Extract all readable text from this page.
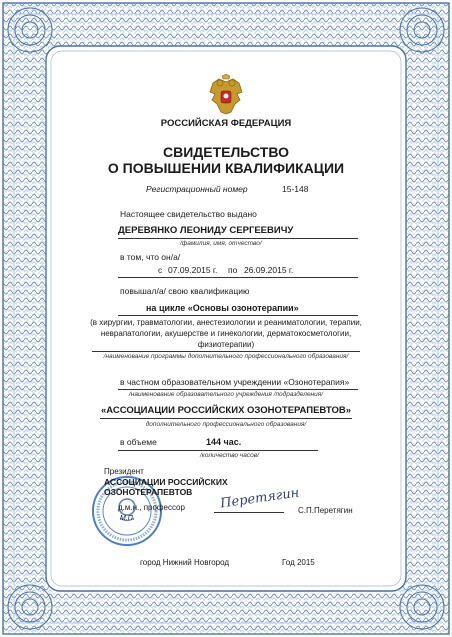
РОССИЙСКАЯ ФЕДЕРАЦИЯ
СВИДЕТЕЛЬСТВО
О ПОВЫШЕНИИ КВАЛИФИКАЦИИ
Регистрационный номер	15-148
Настоящее свидетельство выдано
ДЕРЕВЯНКО ЛЕОНИДУ СЕРГЕЕВИЧУ
/фамилия, имя, отчество/
в том, что он/а/
с 07.09.2015 г. по 26.09.2015 г.
повышал/а/ свою квалификацию
на цикле «Основы озонотерапии»
(в хирургии, травматологии, анестезиологии и реаниматологии, терапии,
неврапатологии, акушерстве и гинекологии, дерматокосметологии,
физиотерапии)
/наименование программы дополнительного профессионального образования/
в частном образовательном учреждении «Озонотерапия»
/наименование образовательного учреждения /подразделения/
«АССОЦИАЦИИ РОССИЙСКИХ ОЗОНОТЕРАПЕВТОВ»
дополнительного профессионального образования/
в объеме	144 час.
/количество часов/
Президент
АССОЦИАЦИИ РОССИЙСКИХ
ОЗОНОТЕРАПЕВТОВ
д.м.н., профессор
М.П.
Перетягин
С.П.Перетягин
город Нижний Новгород	Год 2015
